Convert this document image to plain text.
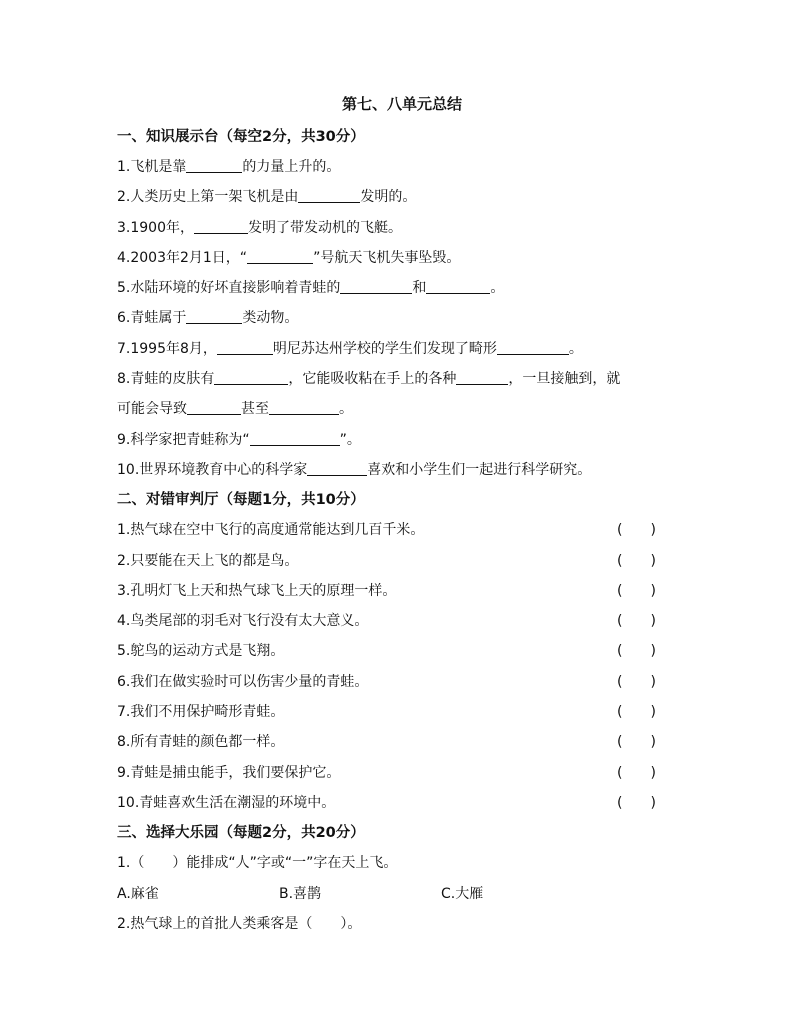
第七、八单元总结
一、知识展示台（每空2分，共30分）
1.飞机是靠	的力量上升的。
2.人类历史上第一架飞机是由	发明的。
3.1900年，	发明了带发动机的飞艇。
4.2003年2月1日，“	”号航天飞机失事坠毁。
5.水陆环境的好坏直接影响着青蛙的	和	。
6.青蛙属于	类动物。
7.1995年8月，	明尼苏达州学校的学生们发现了畸形	。
8.青蛙的皮肤有	，它能吸收粘在手上的各种	，一旦接触到，就
可能会导致	甚至	。
9.科学家把青蛙称为“	”。
10.世界环境教育中心的科学家	喜欢和小学生们一起进行科学研究。
二、对错审判厅（每题1分，共10分）
1.热气球在空中飞行的高度通常能达到几百千米。	(　　)
2.只要能在天上飞的都是鸟。	(　　)
3.孔明灯飞上天和热气球飞上天的原理一样。	(　　)
4.鸟类尾部的羽毛对飞行没有太大意义。	(　　)
5.鸵鸟的运动方式是飞翔。	(　　)
6.我们在做实验时可以伤害少量的青蛙。	(　　)
7.我们不用保护畸形青蛙。	(　　)
8.所有青蛙的颜色都一样。	(　　)
9.青蛙是捕虫能手，我们要保护它。	(　　)
10.青蛙喜欢生活在潮湿的环境中。	(　　)
三、选择大乐园（每题2分，共20分）
1.（　　）能排成“人”字或“一”字在天上飞。
A.麻雀	B.喜鹊	C.大雁
2.热气球上的首批人类乘客是（　　）。
